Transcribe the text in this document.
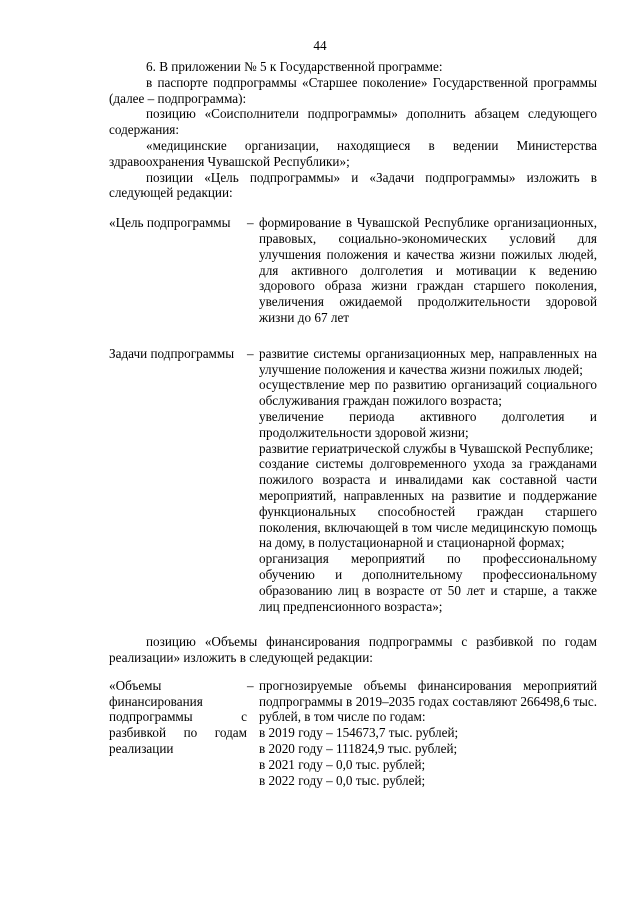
44

6. В приложении № 5 к Государственной программе:

в паспорте подпрограммы «Старшее поколение» Государственной программы (далее – подпрограмма):

позицию «Соисполнители подпрограммы» дополнить абзацем следующего содержания:

«медицинские организации, находящиеся в ведении Министерства здравоохранения Чувашской Республики»;

позиции «Цель подпрограммы» и «Задачи подпрограммы» изложить в следующей редакции:

«Цель подпрограммы	– формирование в Чувашской Республике организационных, правовых, социально-экономических условий для улучшения положения и качества жизни пожилых людей, для активного долголетия и мотивации к ведению здорового образа жизни граждан старшего поколения, увеличения ожидаемой продолжительности здоровой жизни до 67 лет
Задачи подпрограммы – развитие системы организационных мер, направленных на улучшение положения и качества жизни пожилых людей;
осуществление мер по развитию организаций социального обслуживания граждан пожилого возраста;
увеличение периода активного долголетия и продолжительности здоровой жизни;
развитие гериатрической службы в Чувашской Республике;
создание системы долговременного ухода за гражданами пожилого возраста и инвалидами как составной части мероприятий, направленных на развитие и поддержание функциональных способностей граждан старшего поколения, включающей в том числе медицинскую помощь на дому, в полустационарной и стационарной формах;
организация мероприятий по профессиональному обучению и дополнительному профессиональному образованию лиц в возрасте от 50 лет и старше, а также лиц предпенсионного возраста»;

позицию «Объемы финансирования подпрограммы с разбивкой по годам реализации» изложить в следующей редакции:

«Объемы финансирования подпрограммы с разбивкой по годам реализации
– прогнозируемые объемы финансирования мероприятий подпрограммы в 2019–2035 годах составляют 266498,6 тыс. рублей, в том числе по годам:
в 2019 году – 154673,7 тыс. рублей;
в 2020 году – 111824,9 тыс. рублей;
в 2021 году – 0,0 тыс. рублей;
в 2022 году – 0,0 тыс. рублей;
